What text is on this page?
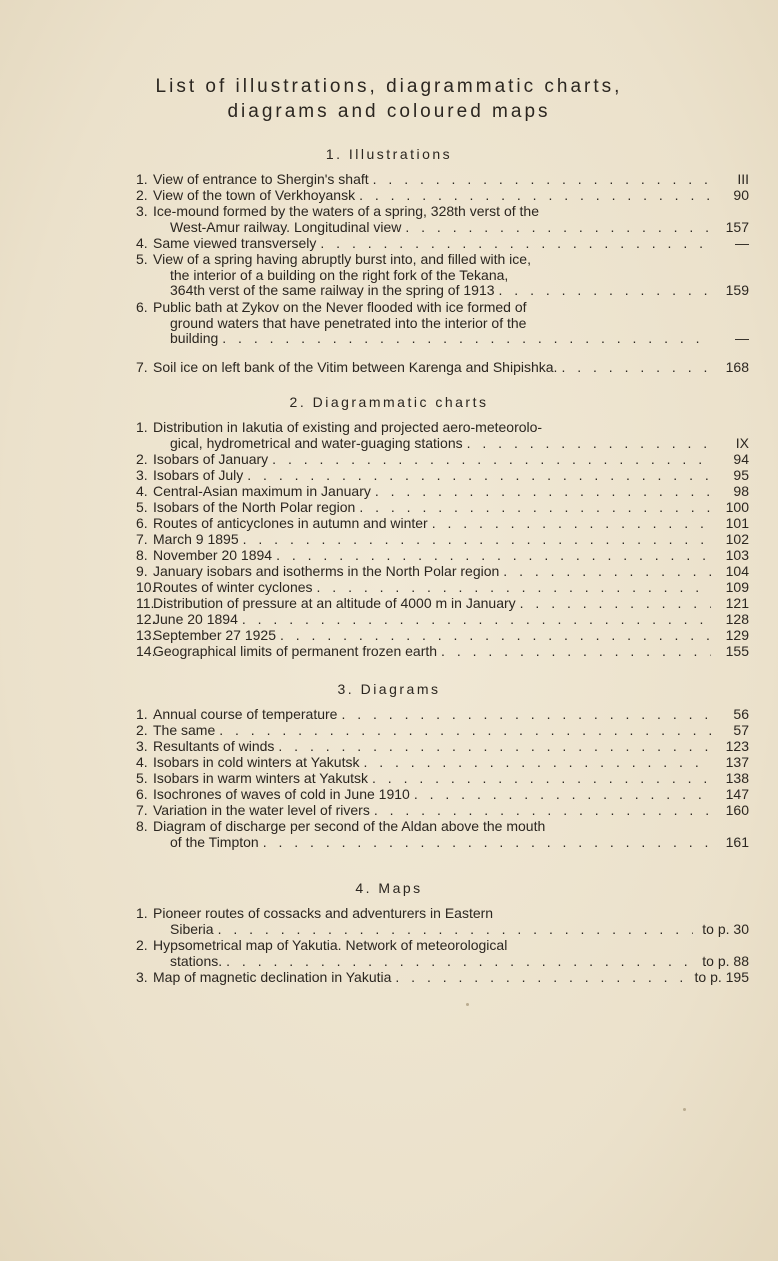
List of illustrations, diagrammatic charts,
diagrams and coloured maps
1. Illustrations
1. View of entrance to Shergin's shaft . . .	III
2. View of the town of Verkhoyansk . . .	90
3. Ice-mound formed by the waters of a spring, 328th verst of the
West-Amur railway. Longitudinal view . . .	157
4. Same viewed transversely . . .	—
5. View of a spring having abruptly burst into, and filled with ice,
the interior of a building on the right fork of the Tekana,
364th verst of the same railway in the spring of 1913 . . .	159
6. Public bath at Zykov on the Never flooded with ice formed of
ground waters that have penetrated into the interior of the
building . . .	—
7. Soil ice on left bank of the Vitim between Karenga and Shipishka. . . .	168
2. Diagrammatic charts
1. Distribution in Iakutia of existing and projected aero-meteorolo-
gical, hydrometrical and water-guaging stations . . .	IX
2. Isobars of January . . .	94
3. Isobars of July . . .	95
4. Central-Asian maximum in January . . .	98
5. Isobars of the North Polar region . . .	100
6. Routes of anticyclones in autumn and winter . . .	101
7. March 9 1895 . . .	102
8. November 20 1894 . . .	103
9. January isobars and isotherms in the North Polar region . . .	104
10.
Routes of winter cyclones . . .	109
11.
Distribution of pressure at an altitude of 4000 m in January . . .	121
12.
June 20 1894 . . .	128
13.
September 27 1925 . . .	129
14.
Geographical limits of permanent frozen earth . . .	155
3. Diagrams
1. Annual course of temperature . . .	56
2. The same . . .	57
3. Resultants of winds . . .	123
4. Isobars in cold winters at Yakutsk . . .	137
5. Isobars in warm winters at Yakutsk . . .	138
6. Isochrones of waves of cold in June 1910 . . .	147
7. Variation in the water level of rivers . . .	160
8. Diagram of discharge per second of the Aldan above the mouth
of the Timpton . . .	161
4. Maps
1. Pioneer routes of cossacks and adventurers in Eastern
Siberia . . .	to p. 30
2. Hypsometrical map of Yakutia. Network of meteorological
stations. . . .	to p. 88
3. Map of magnetic declination in Yakutia . . .	to p. 195
